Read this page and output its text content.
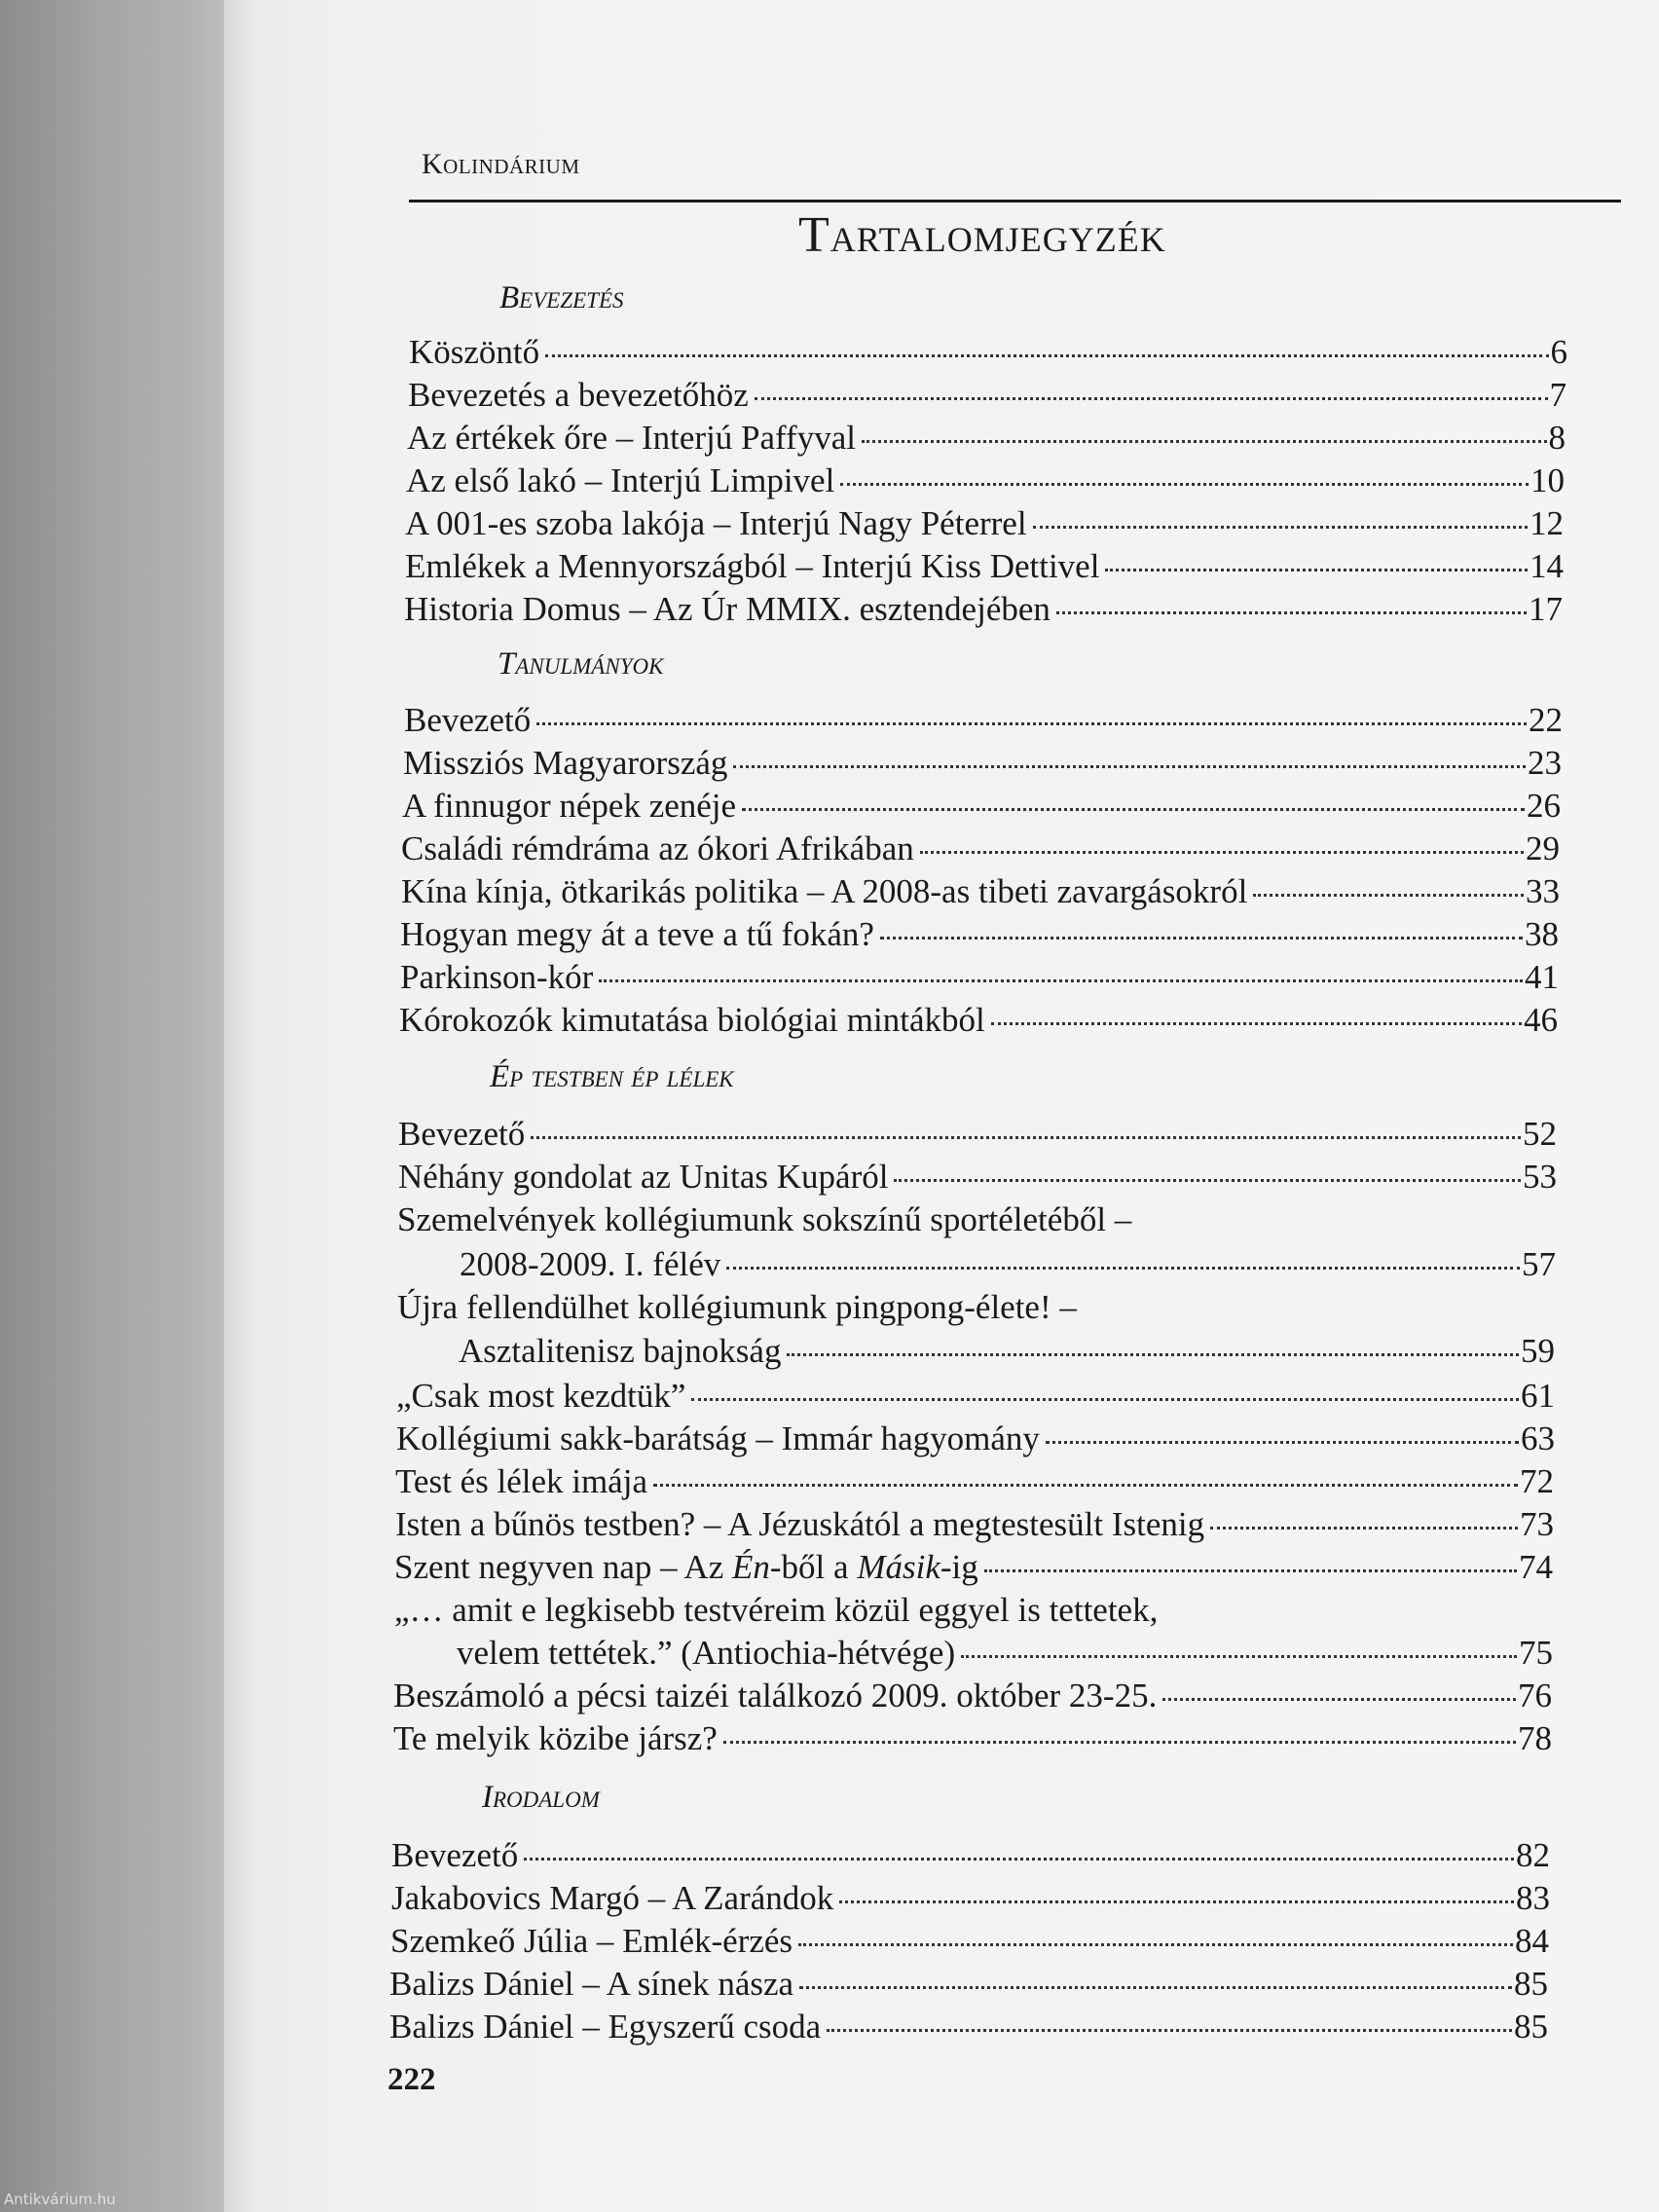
Kolindárium
Tartalomjegyzék
Bevezetés
Köszöntő	6
Bevezetés a bevezetőhöz	7
Az értékek őre – Interjú Paffyval	8
Az első lakó – Interjú Limpivel	10
A 001-es szoba lakója – Interjú Nagy Péterrel	12
Emlékek a Mennyországból – Interjú Kiss Dettivel	14
Historia Domus – Az Úr MMIX. esztendejében	17
Tanulmányok
Bevezető	22
Missziós Magyarország	23
A finnugor népek zenéje	26
Családi rémdráma az ókori Afrikában	29
Kína kínja, ötkarikás politika – A 2008-as tibeti zavargásokról	33
Hogyan megy át a teve a tű fokán?	38
Parkinson-kór	41
Kórokozók kimutatása biológiai mintákból	46
Ép testben ép lélek
Bevezető	52
Néhány gondolat az Unitas Kupáról	53
Szemelvények kollégiumunk sokszínű sportéletéből –
2008-2009. I. félév	57
Újra fellendülhet kollégiumunk pingpong-élete! –
Asztalitenisz bajnokság	59
„Csak most kezdtük”	61
Kollégiumi sakk-barátság – Immár hagyomány	63
Test és lélek imája	72
Isten a bűnös testben? – A Jézuskától a megtestesült Istenig	73
Szent negyven nap – Az Én-ből a Másik-ig	74
„… amit e legkisebb testvéreim közül eggyel is tettetek,
velem tettétek.” (Antiochia-hétvége)	75
Beszámoló a pécsi taizéi találkozó 2009. október 23-25.	76
Te melyik közibe jársz?	78
Irodalom
Bevezető	82
Jakabovics Margó – A Zarándok	83
Szemkeő Júlia – Emlék-érzés	84
Balizs Dániel – A sínek násza	85
Balizs Dániel – Egyszerű csoda	85
222
Antikvárium.hu
